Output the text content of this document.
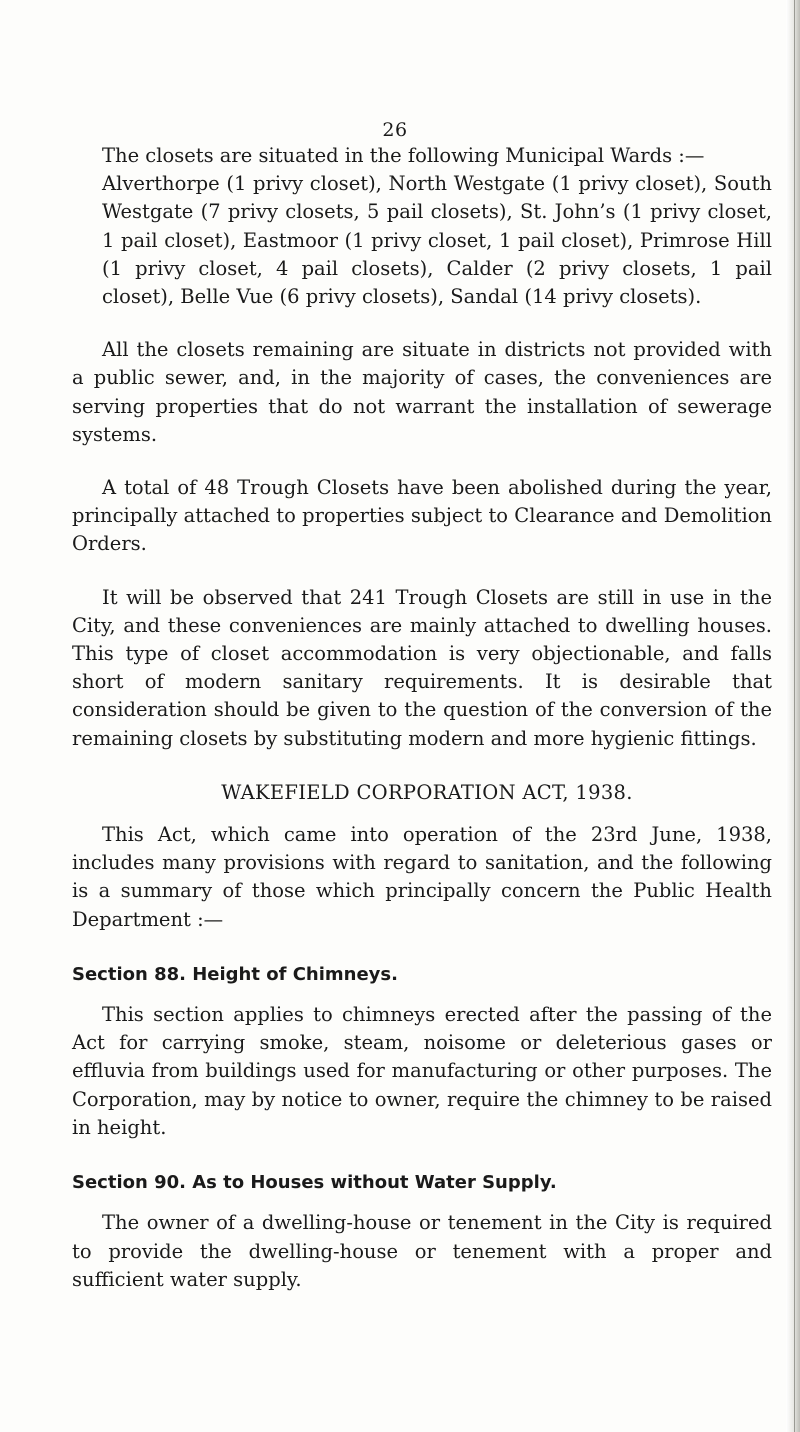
26

The closets are situated in the following Municipal Wards :—

Alverthorpe (1 privy closet), North Westgate (1 privy closet), South Westgate (7 privy closets, 5 pail closets), St. John’s (1 privy closet, 1 pail closet), Eastmoor (1 privy closet, 1 pail closet), Primrose Hill (1 privy closet, 4 pail closets), Calder (2 privy closets, 1 pail closet), Belle Vue (6 privy closets), Sandal (14 privy closets).

All the closets remaining are situate in districts not provided with a public sewer, and, in the majority of cases, the conveniences are serving properties that do not warrant the installation of sewerage systems.

A total of 48 Trough Closets have been abolished during the year, principally attached to properties subject to Clearance and Demolition Orders.

It will be observed that 241 Trough Closets are still in use in the City, and these conveniences are mainly attached to dwelling houses. This type of closet accommodation is very objectionable, and falls short of modern sanitary requirements. It is desirable that consideration should be given to the question of the conversion of the remaining closets by substituting modern and more hygienic fittings.

WAKEFIELD CORPORATION ACT, 1938.

This Act, which came into operation of the 23rd June, 1938, includes many provisions with regard to sanitation, and the following is a summary of those which principally concern the Public Health Department :—

Section 88. Height of Chimneys.

This section applies to chimneys erected after the passing of the Act for carrying smoke, steam, noisome or deleterious gases or effluvia from buildings used for manufacturing or other purposes. The Corporation, may by notice to owner, require the chimney to be raised in height.

Section 90. As to Houses without Water Supply.

The owner of a dwelling-house or tenement in the City is required to provide the dwelling-house or tenement with a proper and sufficient water supply.
